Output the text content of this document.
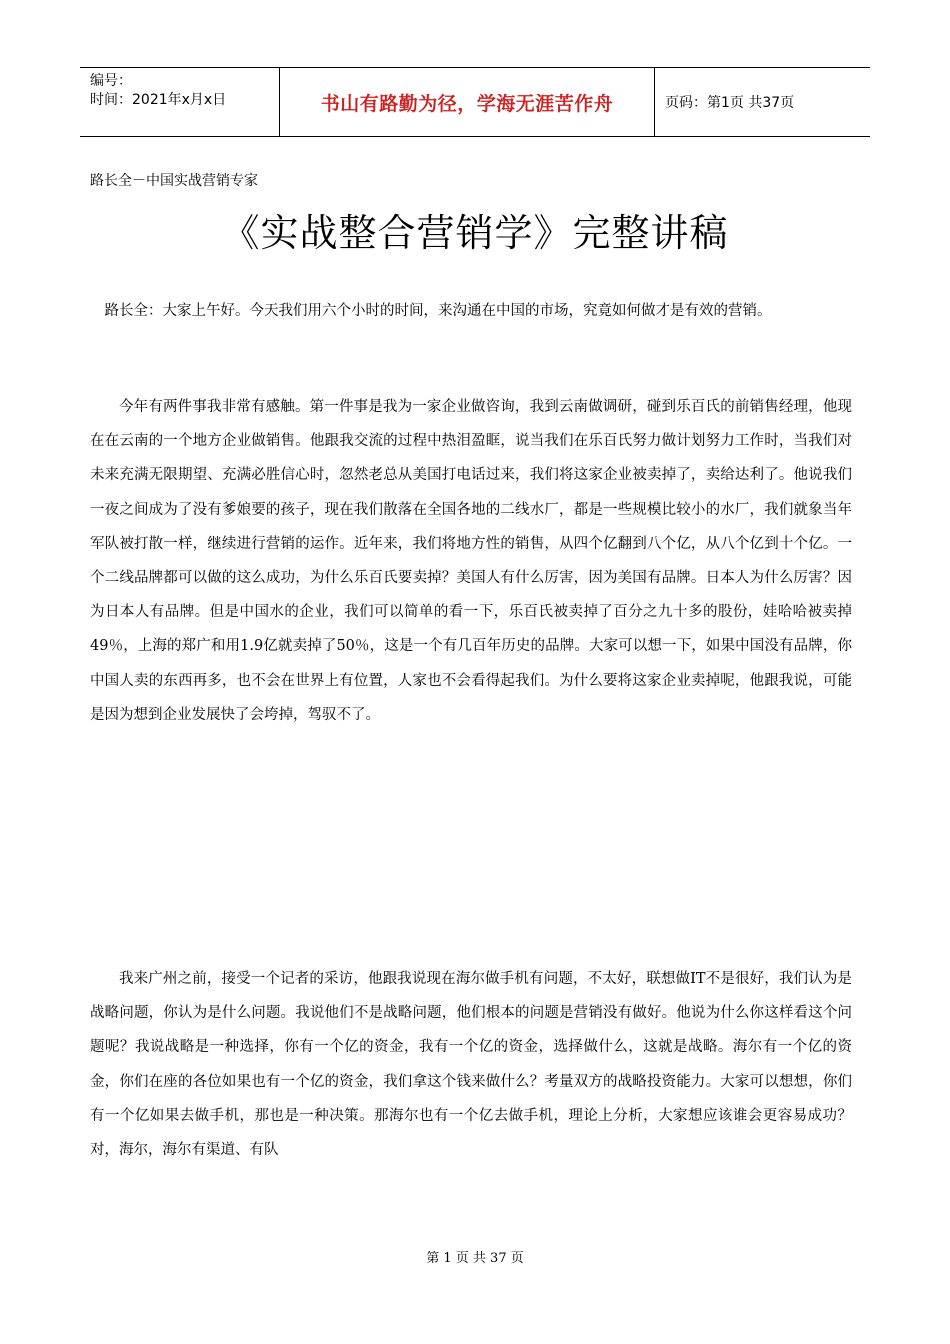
编号：
时间：2021年x月x日	书山有路勤为径，学海无涯苦作舟	页码：第1页 共37页
路长全－中国实战营销专家
《实战整合营销学》完整讲稿

路长全：大家上午好。今天我们用六个小时的时间，来沟通在中国的市场，究竟如何做才是有效的营销。

今年有两件事我非常有感触。第一件事是我为一家企业做咨询，我到云南做调研，碰到乐百氏的前销售经理，他现在在云南的一个地方企业做销售。他跟我交流的过程中热泪盈眶，说当我们在乐百氏努力做计划努力工作时，当我们对未来充满无限期望、充满必胜信心时，忽然老总从美国打电话过来，我们将这家企业被卖掉了，卖给达利了。他说我们一夜之间成为了没有爹娘要的孩子，现在我们散落在全国各地的二线水厂，都是一些规模比较小的水厂，我们就象当年军队被打散一样，继续进行营销的运作。近年来，我们将地方性的销售，从四个亿翻到八个亿，从八个亿到十个亿。一个二线品牌都可以做的这么成功，为什么乐百氏要卖掉？美国人有什么厉害，因为美国有品牌。日本人为什么厉害？因为日本人有品牌。但是中国水的企业，我们可以简单的看一下，乐百氏被卖掉了百分之九十多的股份，娃哈哈被卖掉49％，上海的郑广和用1.9亿就卖掉了50％，这是一个有几百年历史的品牌。大家可以想一下，如果中国没有品牌，你中国人卖的东西再多，也不会在世界上有位置，人家也不会看得起我们。为什么要将这家企业卖掉呢，他跟我说，可能是因为想到企业发展快了会垮掉，驾驭不了。

我来广州之前，接受一个记者的采访，他跟我说现在海尔做手机有问题，不太好，联想做IT不是很好，我们认为是战略问题，你认为是什么问题。我说他们不是战略问题，他们根本的问题是营销没有做好。他说为什么你这样看这个问题呢？我说战略是一种选择，你有一个亿的资金，我有一个亿的资金，选择做什么，这就是战略。海尔有一个亿的资金，你们在座的各位如果也有一个亿的资金，我们拿这个钱来做什么？考量双方的战略投资能力。大家可以想想，你们有一个亿如果去做手机，那也是一种决策。那海尔也有一个亿去做手机，理论上分析，大家想应该谁会更容易成功？对，海尔，海尔有渠道、有队

第 1 页 共 37 页
